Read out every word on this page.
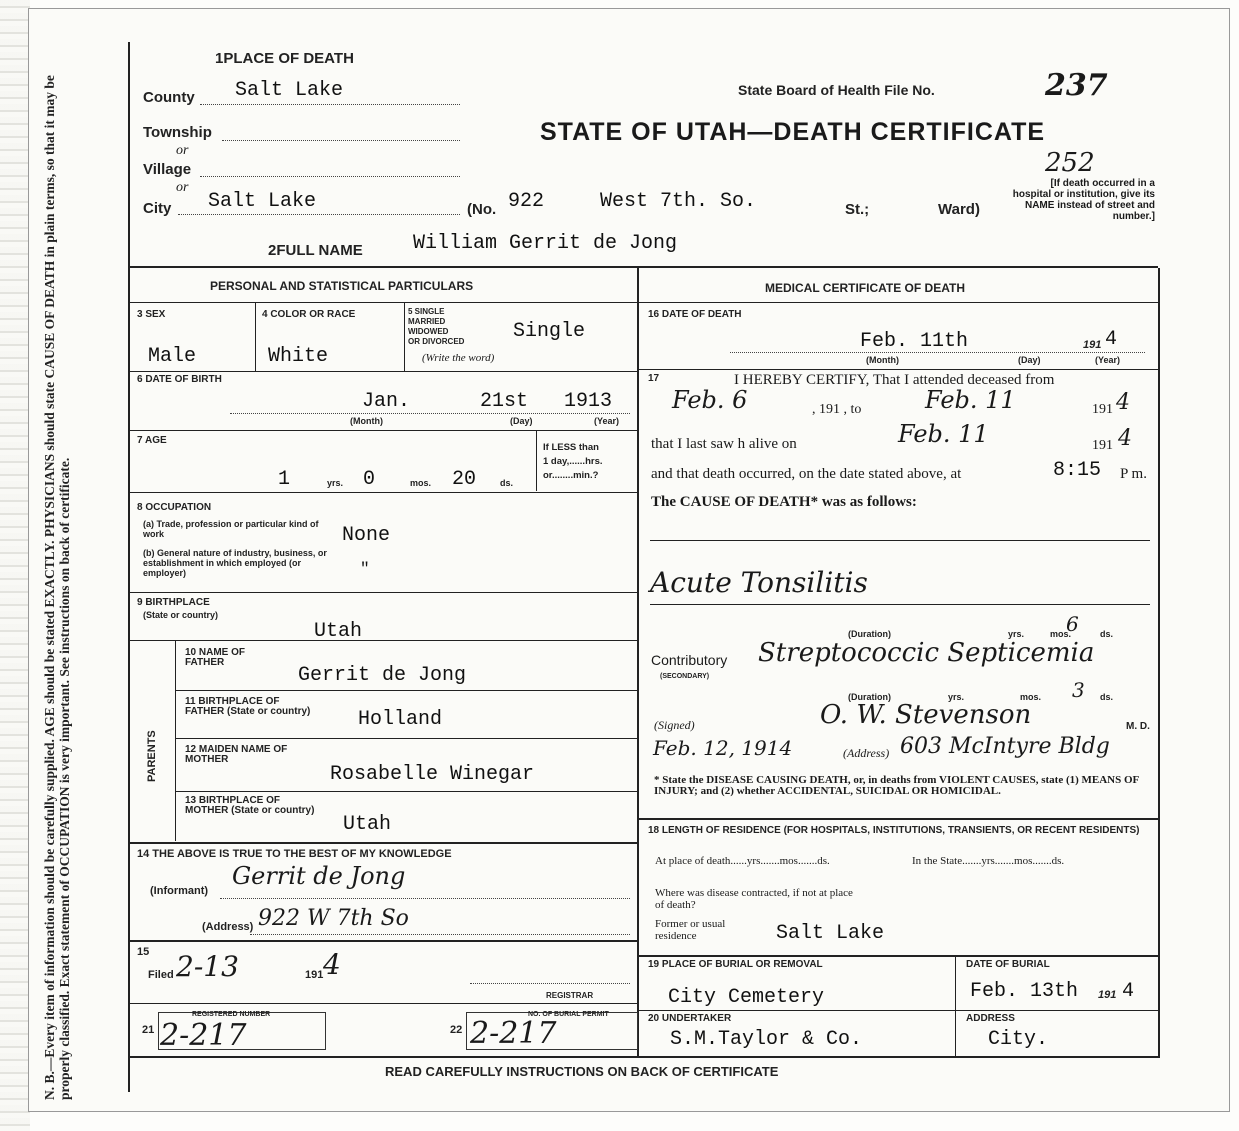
N. B.—Every item of information should be carefully supplied. AGE should be stated EXACTLY. PHYSICIANS should state CAUSE OF DEATH in plain terms, so that it may be properly classified. Exact statement of OCCUPATION is very important. See instructions on back of certificate.
1PLACE OF DEATH
County Salt Lake
Township
or
Village
or
City Salt Lake	(No. 922	West 7th. So.	St.;	Ward)
State Board of Health File No.	237
STATE OF UTAH—DEATH CERTIFICATE
252
[If death occurred in a hospital or institution, give its NAME instead of street and number.]
2FULL NAME	William Gerrit de Jong
PERSONAL AND STATISTICAL PARTICULARS	MEDICAL CERTIFICATE OF DEATH
3 SEX
Male
4 COLOR OR RACE
White
5 SINGLE
MARRIED
WIDOWED
OR DIVORCED
(Write the word)
Single
6 DATE OF BIRTH
Jan.	21st 1913
(Month)	(Day)	(Year)
7 AGE
1	yrs. 0	mos. 20	ds.
If LESS than
1 day,......hrs.
or........min.?
8 OCCUPATION
(a) Trade, profession or particular kind of work	None
(b) General nature of industry, business, or establishment in which employed (or employer)	"
9 BIRTHPLACE
(State or country)
Utah
PARENTS
10 NAME OF FATHER
Gerrit de Jong
11 BIRTHPLACE OF FATHER (State or country) Holland
12 MAIDEN NAME OF MOTHER
Rosabelle Winegar
13 BIRTHPLACE OF MOTHER (State or country)
Utah
14 THE ABOVE IS TRUE TO THE BEST OF MY KNOWLEDGE
(Informant)
Gerrit de Jong
(Address) 922 W 7th So
15
Filed 2-13	191 4
REGISTRAR
21
REGISTERED NUMBER
2-217	22
NO. OF BURIAL PERMIT
2-217
16 DATE OF DEATH
Feb. 11th	191 4
(Month)	(Day)	(Year)
17	I HEREBY CERTIFY, That I attended deceased from
Feb. 6	, 191 , to	Feb. 11	191 4
that I last saw h alive on	Feb. 11	191 4
and that death occurred, on the date stated above, at	8:15 P m.
The CAUSE OF DEATH* was as follows:
Acute Tonsilitis
(Duration)	yrs. 6
mos.	ds.
Contributory
(SECONDARY)
Streptococcic Septicemia
(Duration)	yrs.	3
mos.	ds.
(Signed)	O. W. Stevenson	M. D.
Feb. 12, 1914	(Address) 603 McIntyre Bldg
* State the DISEASE CAUSING DEATH, or, in deaths from VIOLENT CAUSES, state (1) MEANS OF INJURY; and (2) whether ACCIDENTAL, SUICIDAL OR HOMICIDAL.
18 LENGTH OF RESIDENCE (FOR HOSPITALS, INSTITUTIONS, TRANSIENTS, OR RECENT RESIDENTS)
At place of death......yrs.......mos.......ds.	In the State.......yrs.......mos.......ds.
Where was disease contracted, if not at place of death?
Former or usual residence	Salt Lake
19 PLACE OF BURIAL OR REMOVAL
City Cemetery
DATE OF BURIAL
Feb. 13th 191 4
20 UNDERTAKER
S.M.Taylor & Co.
ADDRESS
City.
READ CAREFULLY INSTRUCTIONS ON BACK OF CERTIFICATE
